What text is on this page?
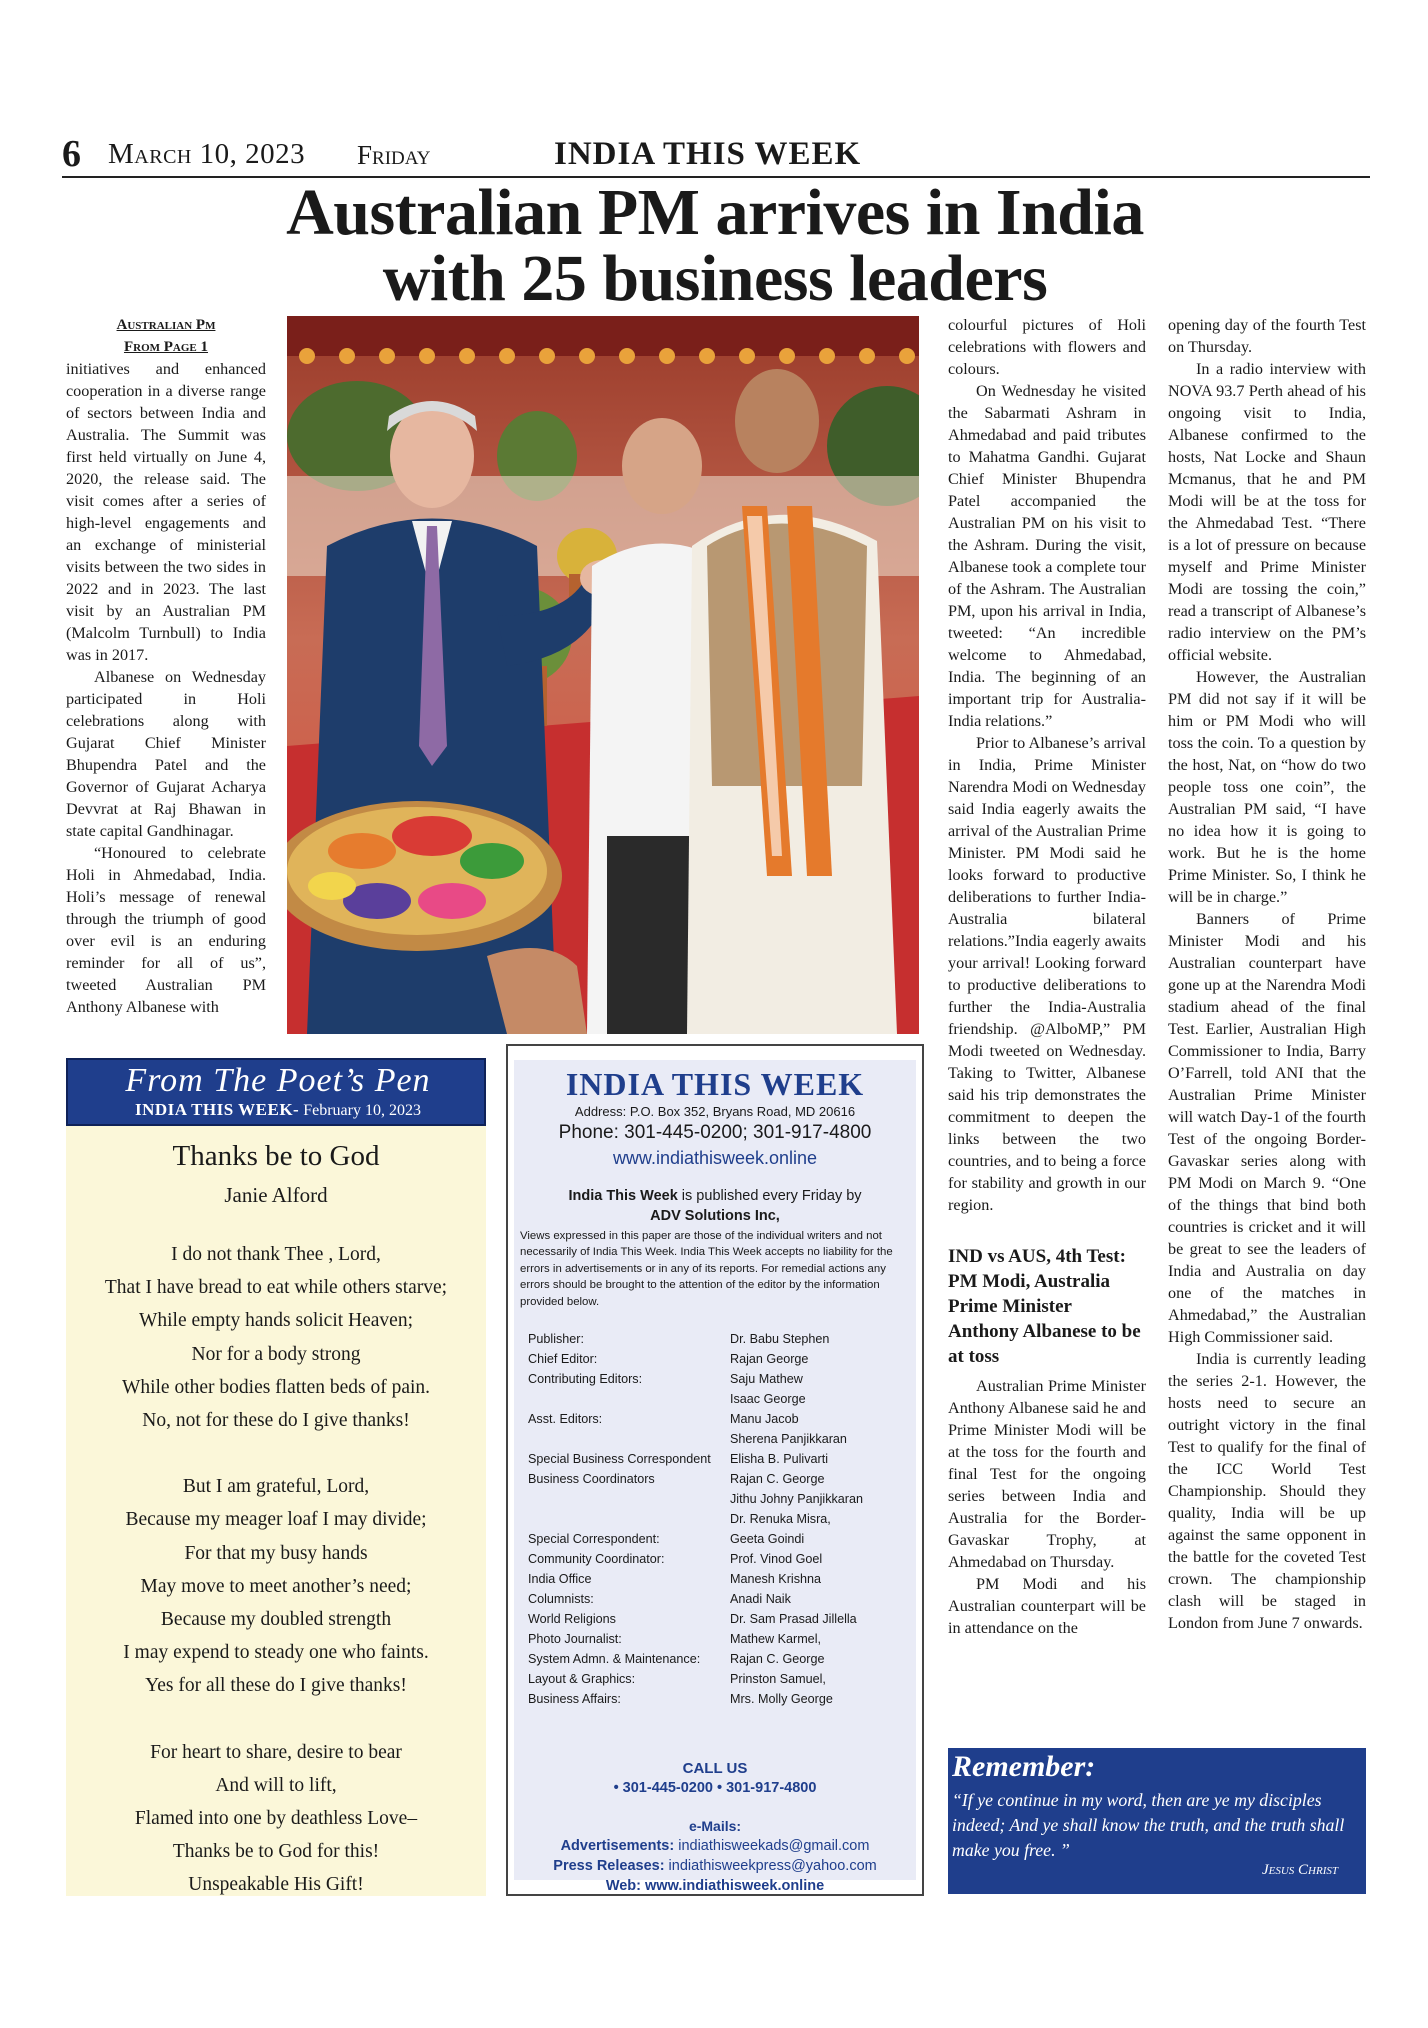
6 March 10, 2023 Friday	INDIA THIS WEEK
Australian PM arrives in India
with 25 business leaders
Australian Pm
From Page 1

initiatives and enhanced cooperation in a diverse range of sectors between India and Australia. The Summit was first held virtually on June 4, 2020, the release said. The visit comes after a series of high-level engagements and an exchange of ministerial visits between the two sides in 2022 and in 2023. The last visit by an Australian PM (Malcolm Turnbull) to India was in 2017.

Albanese on Wednesday participated in Holi celebrations along with Gujarat Chief Minister Bhupendra Patel and the Governor of Gujarat Acharya Devvrat at Raj Bhawan in state capital Gandhinagar.

“Honoured to celebrate Holi in Ahmedabad, India. Holi’s message of renewal through the triumph of good over evil is an enduring reminder for all of us”, tweeted Australian PM Anthony Albanese with

colourful pictures of Holi celebrations with flowers and colours.

On Wednesday he visited the Sabarmati Ashram in Ahmedabad and paid tributes to Mahatma Gandhi. Gujarat Chief Minister Bhupendra Patel accompanied the Australian PM on his visit to the Ashram. During the visit, Albanese took a complete tour of the Ashram. The Australian PM, upon his arrival in India, tweeted: “An incredible welcome to Ahmedabad, India. The beginning of an important trip for Australia-India relations.”

Prior to Albanese’s arrival in India, Prime Minister Narendra Modi on Wednesday said India eagerly awaits the arrival of the Australian Prime Minister. PM Modi said he looks forward to productive deliberations to further India-Australia bilateral relations.”India eagerly awaits your arrival! Looking forward to productive deliberations to further the India-Australia friendship. @AlboMP,” PM Modi tweeted on Wednesday. Taking to Twitter, Albanese said his trip demonstrates the commitment to deepen the links between the two countries, and to being a force for stability and growth in our region.

IND vs AUS, 4th Test: PM Modi, Australia Prime Minister Anthony Albanese to be at toss

Australian Prime Minister Anthony Albanese said he and Prime Minister Modi will be at the toss for the fourth and final Test for the ongoing series between India and Australia for the Border-Gavaskar Trophy, at Ahmedabad on Thursday.

PM Modi and his Australian counterpart will be in attendance on the

opening day of the fourth Test on Thursday.

In a radio interview with NOVA 93.7 Perth ahead of his ongoing visit to India, Albanese confirmed to the hosts, Nat Locke and Shaun Mcmanus, that he and PM Modi will be at the toss for the Ahmedabad Test. “There is a lot of pressure on because myself and Prime Minister Modi are tossing the coin,” read a transcript of Albanese’s radio interview on the PM’s official website.

However, the Australian PM did not say if it will be him or PM Modi who will toss the coin. To a question by the host, Nat, on “how do two people toss one coin”, the Australian PM said, “I have no idea how it is going to work. But he is the home Prime Minister. So, I think he will be in charge.”

Banners of Prime Minister Modi and his Australian counterpart have gone up at the Narendra Modi stadium ahead of the final Test. Earlier, Australian High Commissioner to India, Barry O’Farrell, told ANI that the Australian Prime Minister will watch Day-1 of the fourth Test of the ongoing Border-Gavaskar series along with PM Modi on March 9. “One of the things that bind both countries is cricket and it will be great to see the leaders of India and Australia on day one of the matches in Ahmedabad,” the Australian High Commissioner said.

India is currently leading the series 2-1. However, the hosts need to secure an outright victory in the final Test to qualify for the final of the ICC World Test Championship. Should they quality, India will be up against the same opponent in the battle for the coveted Test crown. The championship clash will be staged in London from June 7 onwards.

From The Poet’s Pen
INDIA THIS WEEK- February 10, 2023
Thanks be to God
Janie Alford
I do not thank Thee , Lord,
That I have bread to eat while others starve;
While empty hands solicit Heaven;
Nor for a body strong
While other bodies flatten beds of pain.
No, not for these do I give thanks!
But I am grateful, Lord,
Because my meager loaf I may divide;
For that my busy hands
May move to meet another’s need;
Because my doubled strength
I may expend to steady one who faints.
Yes for all these do I give thanks!
For heart to share, desire to bear
And will to lift,
Flamed into one by deathless Love–
Thanks be to God for this!
Unspeakable His Gift!
INDIA THIS WEEK
Address: P.O. Box 352, Bryans Road, MD 20616
Phone: 301-445-0200; 301-917-4800
www.indiathisweek.online
India This Week is published every Friday by
ADV Solutions Inc,
Views expressed in this paper are those of the individual writers and not necessarily of India This Week. India This Week accepts no liability for the errors in advertisements or in any of its reports. For remedial actions any errors should be brought to the attention of the editor by the information provided below.
Publisher:	Dr. Babu Stephen
Chief Editor:	Rajan George
Contributing Editors:	Saju Mathew
Isaac George
Asst. Editors:	Manu Jacob
Sherena Panjikkaran
Special Business Correspondent Elisha B. Pulivarti
Business Coordinators	Rajan C. George
Jithu Johny Panjikkaran
Dr. Renuka Misra,
Special Correspondent:	Geeta Goindi
Community Coordinator:	Prof. Vinod Goel
India Office	Manesh Krishna
Columnists:	Anadi Naik
World Religions	Dr. Sam Prasad Jillella
Photo Journalist:	Mathew Karmel,
System Admn. & Maintenance: Rajan C. George
Layout & Graphics:	Prinston Samuel,
Business Affairs:	Mrs. Molly George
CALL US
• 301-445-0200 • 301-917-4800
e-Mails:
Advertisements: indiathisweekads@gmail.com
Press Releases: indiathisweekpress@yahoo.com
Web: www.indiathisweek.online
Remember:
“If ye continue in my word, then are ye my disciples indeed; And ye shall know the truth, and the truth shall make you free. ”
Jesus Christ
